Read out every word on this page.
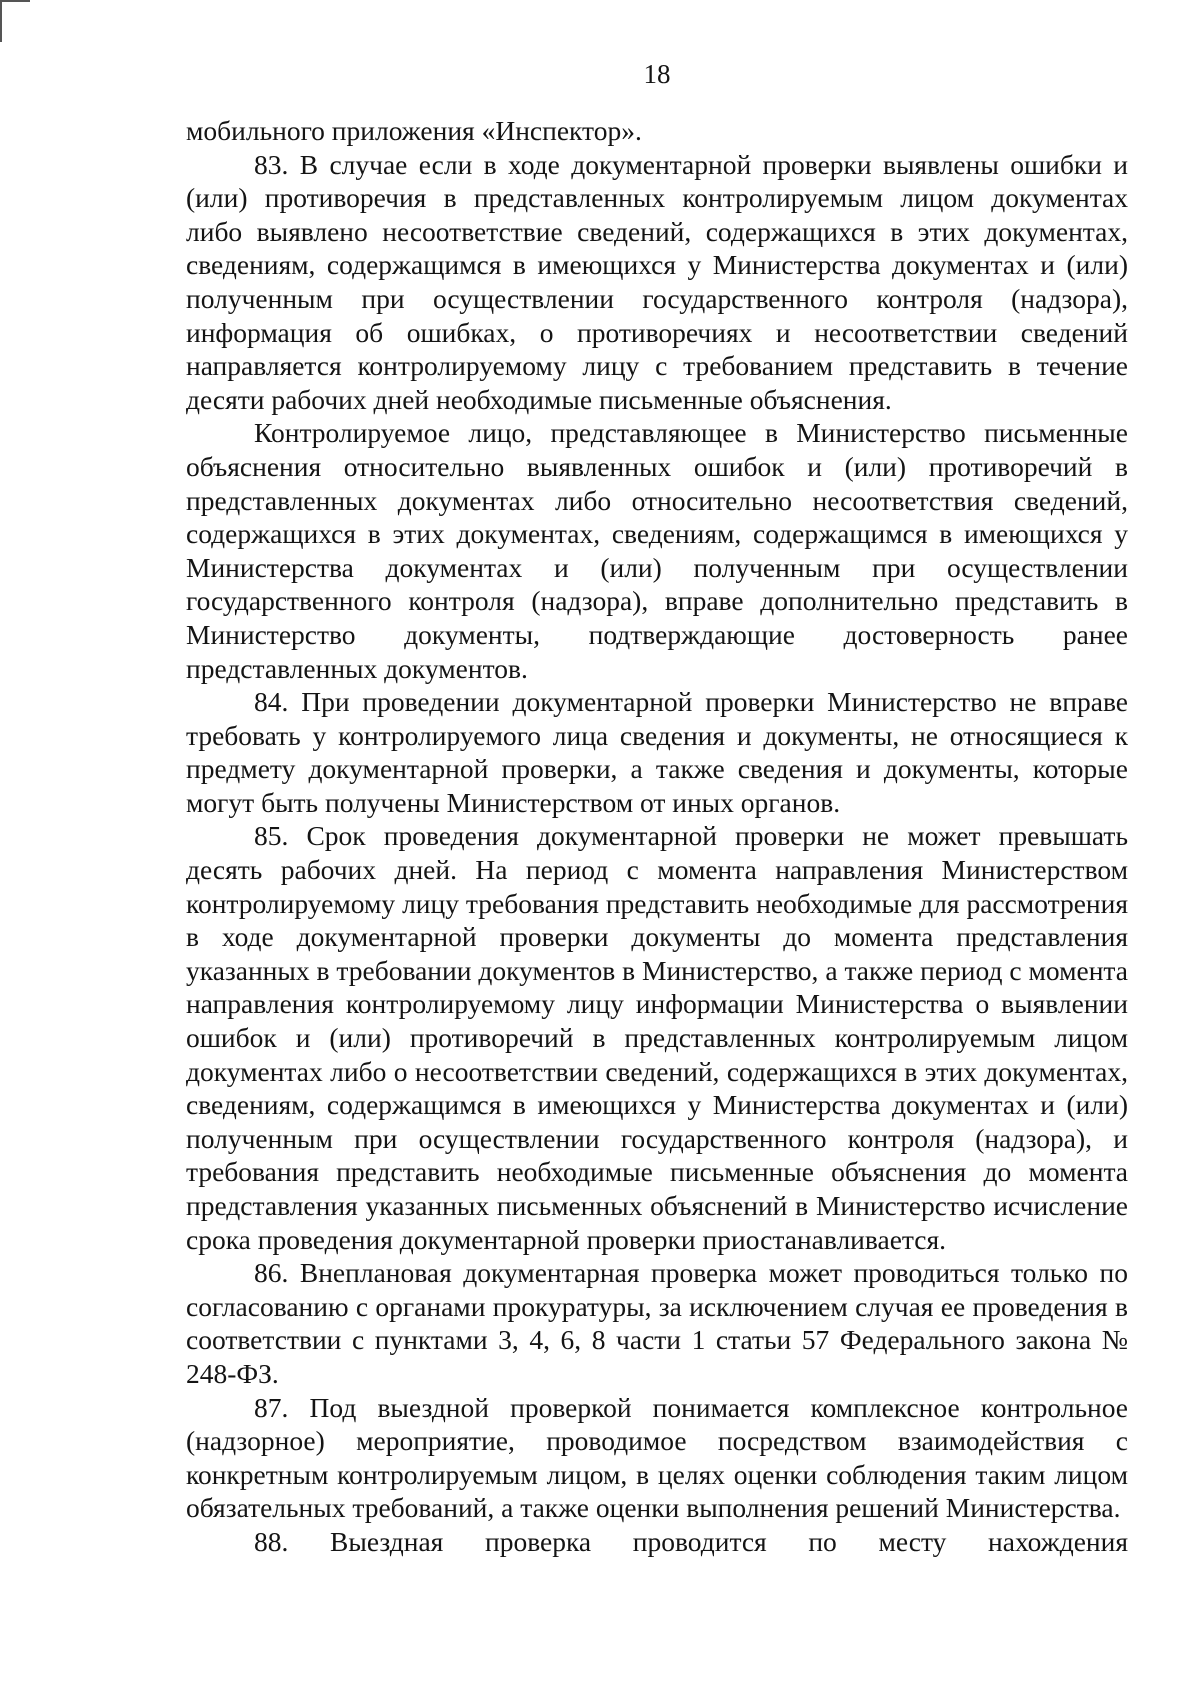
18

мобильного приложения «Инспектор».

83. В случае если в ходе документарной проверки выявлены ошибки и (или) противоречия в представленных контролируемым лицом документах либо выявлено несоответствие сведений, содержащихся в этих документах, сведениям, содержащимся в имеющихся у Министерства документах и (или) полученным при осуществлении государственного контроля (надзора), информация об ошибках, о противоречиях и несоответствии сведений направляется контролируемому лицу с требованием представить в течение десяти рабочих дней необходимые письменные объяснения.

Контролируемое лицо, представляющее в Министерство письменные объяснения относительно выявленных ошибок и (или) противоречий в представленных документах либо относительно несоответствия сведений, содержащихся в этих документах, сведениям, содержащимся в имеющихся у Министерства документах и (или) полученным при осуществлении государственного контроля (надзора), вправе дополнительно представить в Министерство документы, подтверждающие достоверность ранее представленных документов.

84. При проведении документарной проверки Министерство не вправе требовать у контролируемого лица сведения и документы, не относящиеся к предмету документарной проверки, а также сведения и документы, которые могут быть получены Министерством от иных органов.

85. Срок проведения документарной проверки не может превышать десять рабочих дней. На период с момента направления Министерством контролируемому лицу требования представить необходимые для рассмотрения в ходе документарной проверки документы до момента представления указанных в требовании документов в Министерство, а также период с момента направления контролируемому лицу информации Министерства о выявлении ошибок и (или) противоречий в представленных контролируемым лицом документах либо о несоответствии сведений, содержащихся в этих документах, сведениям, содержащимся в имеющихся у Министерства документах и (или) полученным при осуществлении государственного контроля (надзора), и требования представить необходимые письменные объяснения до момента представления указанных письменных объяснений в Министерство исчисление срока проведения документарной проверки приостанавливается.

86. Внеплановая документарная проверка может проводиться только по согласованию с органами прокуратуры, за исключением случая ее проведения в соответствии с пунктами 3, 4, 6, 8 части 1 статьи 57 Федерального закона № 248-ФЗ.

87. Под выездной проверкой понимается комплексное контрольное (надзорное) мероприятие, проводимое посредством взаимодействия с конкретным контролируемым лицом, в целях оценки соблюдения таким лицом обязательных требований, а также оценки выполнения решений Министерства.

88. Выездная проверка проводится по месту нахождения
